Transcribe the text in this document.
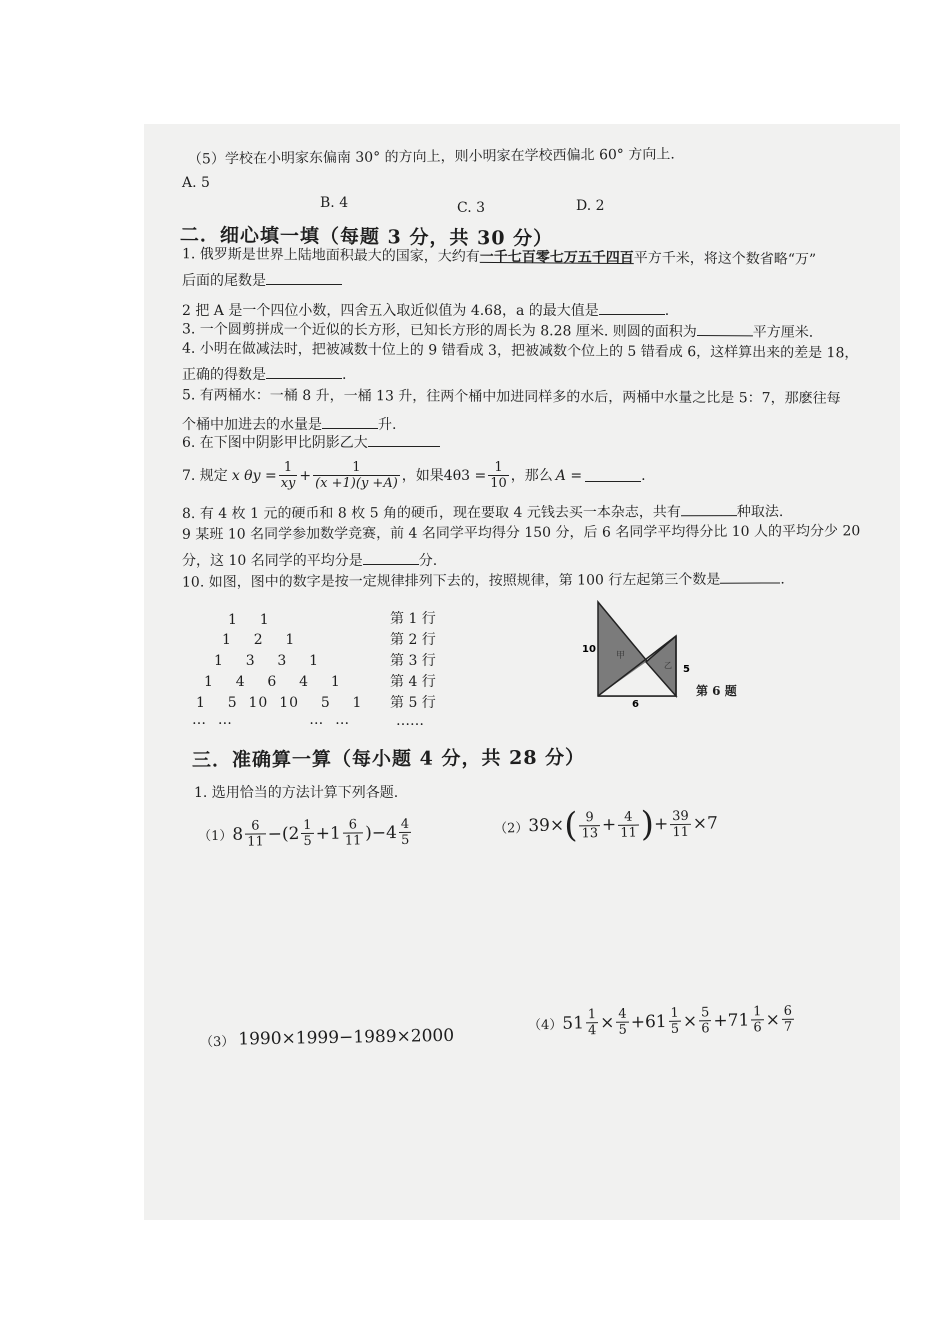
（5）学校在小明家东偏南 30° 的方向上，则小明家在学校西偏北 60° 方向上.
A. 5
B. 4	C. 3	D. 2
二．细心填一填（每题 3 分，共 30 分）
1. 俄罗斯是世界上陆地面积最大的国家，大约有一千七百零七万五千四百平方千米，将这个数省略“万”
后面的尾数是
2 把 A 是一个四位小数，四舍五入取近似值为 4.68，a 的最大值是	.
3. 一个圆剪拼成一个近似的长方形，已知长方形的周长为 8.28 厘米. 则圆的面积为	平方厘米.
4. 小明在做减法时，把被减数十位上的 9 错看成 3，把被减数个位上的 5 错看成 6，这样算出来的差是 18，
正确的得数是	.
5. 有两桶水：一桶 8 升，一桶 13 升，往两个桶中加进同样多的水后，两桶中水量之比是 5：7，那麽往每
个桶中加进去的水量是	升.
6. 在下图中阴影甲比阴影乙大
7. 规定 x $\theta y = \frac{1}{xy} + \frac{1}{(x +1)(y +A)}$ ，如果 $4\theta 3 = \frac{1}{10}$ ，那么 A =	.
8. 有 4 枚 1 元的硬币和 8 枚 5 角的硬币，现在要取 4 元钱去买一本杂志，共有	种取法.
9 某班 10 名同学参加数学竞赛，前 4 名同学平均得分 150 分，后 6 名同学平均得分比 10 人的平均分少 20
分，这 10 名同学的平均分是	分.
10. 如图，图中的数字是按一定规律排列下去的，按照规律，第 100 行左起第三个数是	.
1    1
1    2    1
1    3    3    1
1    4    6    4    1
1    5  10  10    5    1
…  …              …  …
第 1 行
第 2 行
第 3 行
第 4 行
第 5 行
……
10
5
6
甲
乙
第 6 题
三．准确算一算（每小题 4 分，共 28 分）
1. 选用恰当的方法计算下列各题.
（1） $8 \frac{6}{11} -(2 \frac{1}{5} +1 \frac{6}{11} )-4 \frac{4}{5}$	（2） 39× ( $\frac{9}{13} + \frac{4}{11}$ ) + $\frac{39}{11} \times 7$
（3） 1990×1999−1989×2000
（4） $51 \frac{1}{4} \times \frac{4}{5} +61 \frac{1}{5} \times \frac{5}{6} +71 \frac{1}{6} \times \frac{6}{7}$
